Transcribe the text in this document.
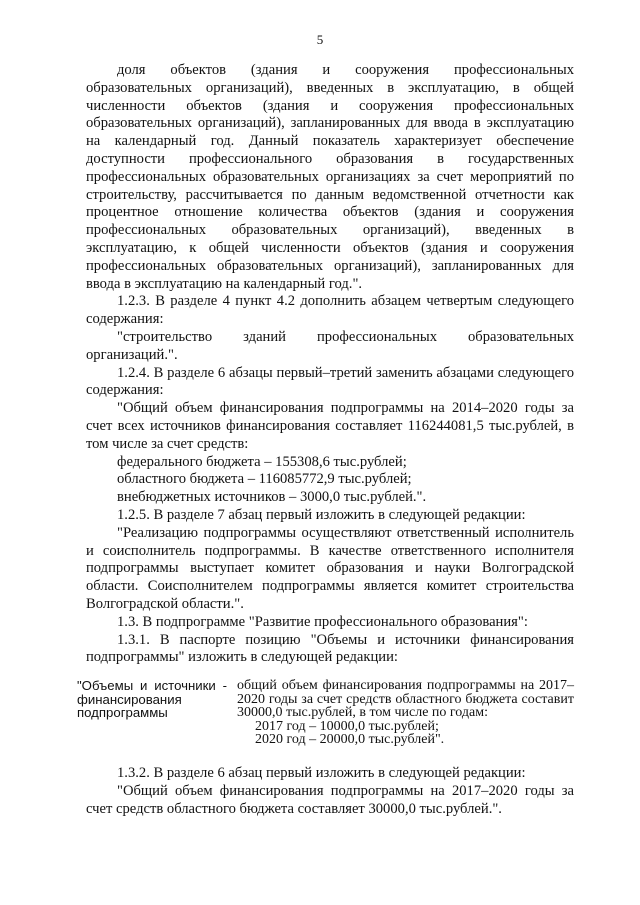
5

доля объектов (здания и сооружения профессиональных образовательных организаций), введенных в эксплуатацию, в общей численности объектов (здания и сооружения профессиональных образовательных организаций), запланированных для ввода в эксплуатацию на календарный год. Данный показатель характеризует обеспечение доступности профессионального образования в государственных профессиональных образовательных организациях за счет мероприятий по строительству, рассчитывается по данным ведомственной отчетности как процентное отношение количества объектов (здания и сооружения профессиональных образовательных организаций), введенных в эксплуатацию, к общей численности объектов (здания и сооружения профессиональных образовательных организаций), запланированных для ввода в эксплуатацию на календарный год.".

1.2.3. В разделе 4 пункт 4.2 дополнить абзацем четвертым следующего содержания:

"строительство зданий профессиональных образовательных организаций.".

1.2.4. В разделе 6 абзацы первый–третий заменить абзацами следующего содержания:

"Общий объем финансирования подпрограммы на 2014–2020 годы за счет всех источников финансирования составляет 116244081,5 тыс.рублей, в том числе за счет средств:

федерального бюджета – 155308,6 тыс.рублей;

областного бюджета – 116085772,9 тыс.рублей;

внебюджетных источников – 3000,0 тыс.рублей.".

1.2.5. В разделе 7 абзац первый изложить в следующей редакции:

"Реализацию подпрограммы осуществляют ответственный исполнитель и соисполнитель подпрограммы. В качестве ответственного исполнителя подпрограммы выступает комитет образования и науки Волгоградской области. Соисполнителем подпрограммы является комитет строительства Волгоградской области.".

1.3. В подпрограмме "Развитие профессионального образования":

1.3.1. В паспорте позицию "Объемы и источники финансирования подпрограммы" изложить в следующей редакции:

"Объемы и источники - финансирования подпрограммы

общий объем финансирования подпрограммы на 2017–2020 годы за счет средств областного бюджета составит 30000,0 тыс.рублей, в том числе по годам:

2017 год – 10000,0 тыс.рублей;
2020 год – 20000,0 тыс.рублей".

1.3.2. В разделе 6 абзац первый изложить в следующей редакции:

"Общий объем финансирования подпрограммы на 2017–2020 годы за счет средств областного бюджета составляет 30000,0 тыс.рублей.".
